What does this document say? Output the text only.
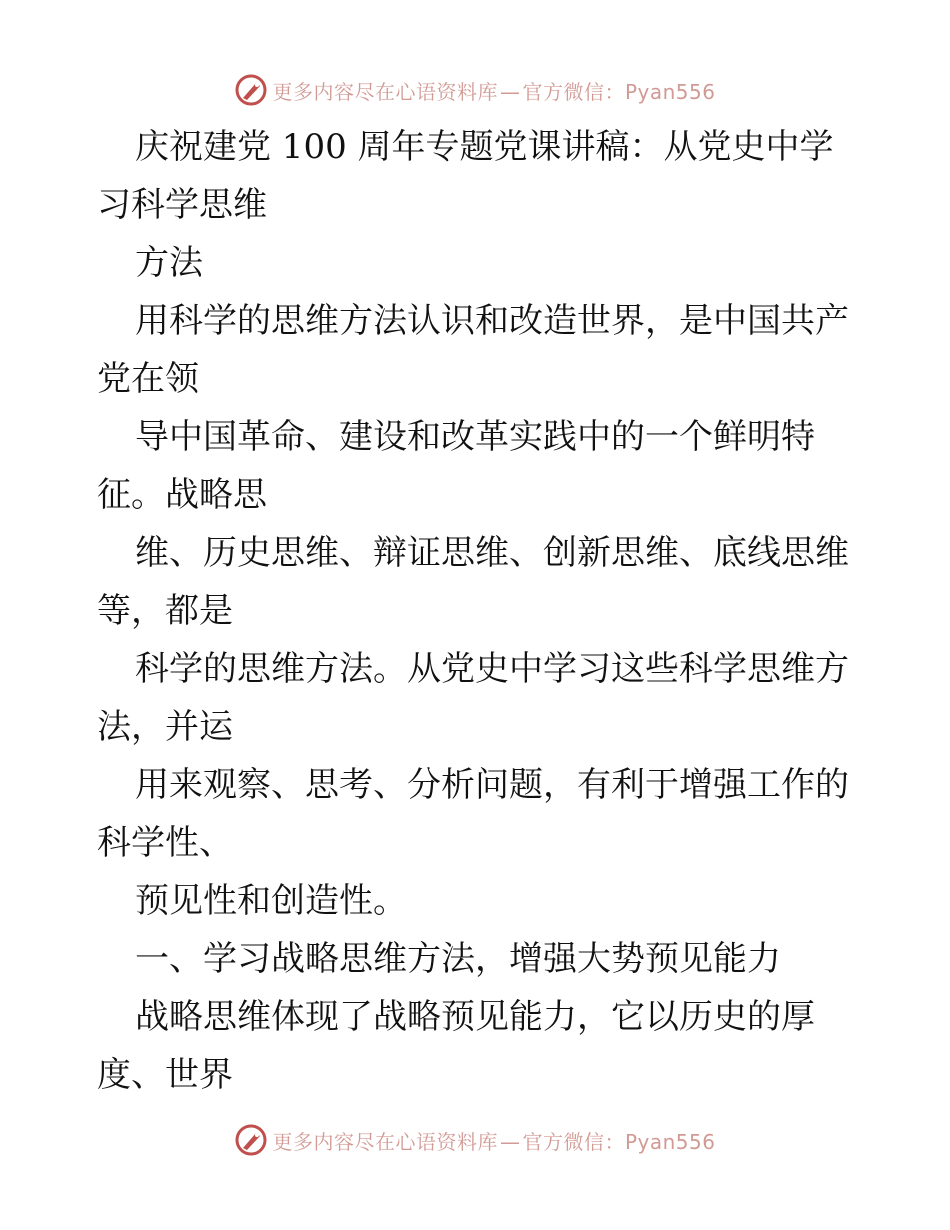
更多内容尽在心语资料库 — 官方微信：Pyan556

庆祝建党 100 周年专题党课讲稿：从党史中学
习科学思维

方法

用科学的思维方法认识和改造世界，是中国共产
党在领

导中国革命、建设和改革实践中的一个鲜明特
征。战略思

维、历史思维、辩证思维、创新思维、底线思维
等，都是

科学的思维方法。从党史中学习这些科学思维方
法，并运

用来观察、思考、分析问题，有利于增强工作的
科学性、

预见性和创造性。

一、学习战略思维方法，增强大势预见能力

战略思维体现了战略预见能力，它以历史的厚
度、世界

更多内容尽在心语资料库 — 官方微信：Pyan556
